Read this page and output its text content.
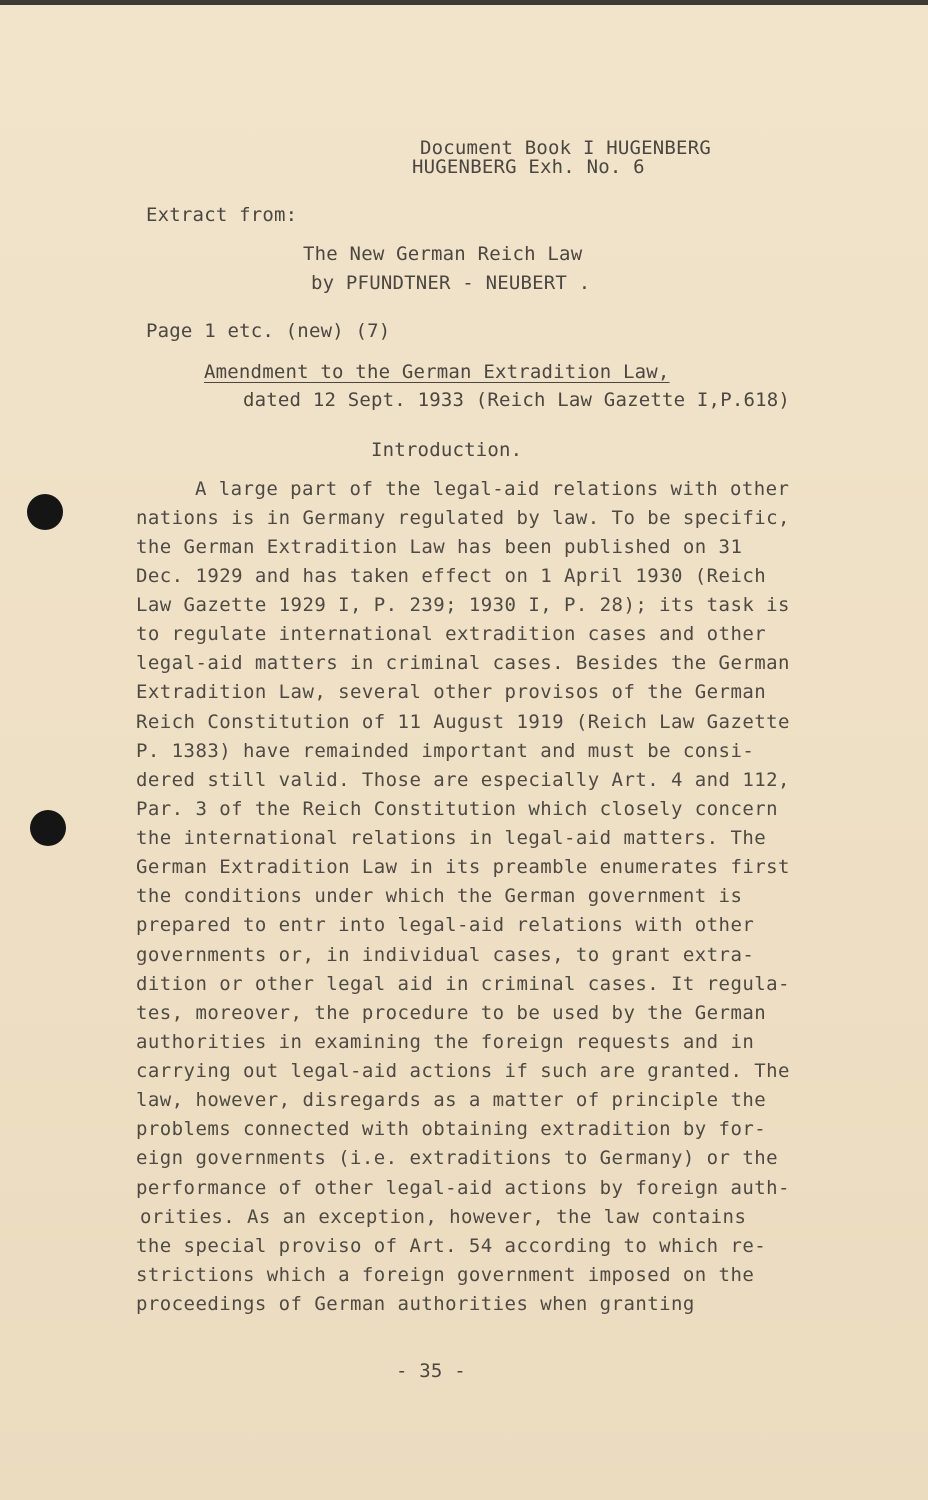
Document Book I HUGENBERG
HUGENBERG Exh. No. 6
Extract from:
The New German Reich Law
by PFUNDTNER - NEUBERT .
Page 1 etc. (new) (7)
Amendment to the German Extradition Law,
dated 12 Sept. 1933 (Reich Law Gazette I,P.618)
Introduction.
A large part of the legal-aid relations with other
nations is in Germany regulated by law. To be specific,
the German Extradition Law has been published on 31
Dec. 1929 and has taken effect on 1 April 1930 (Reich
Law Gazette 1929 I, P. 239; 1930 I, P. 28); its task is
to regulate international extradition cases and other
legal-aid matters in criminal cases. Besides the German
Extradition Law, several other provisos of the German
Reich Constitution of 11 August 1919 (Reich Law Gazette
P. 1383) have remainded important and must be consi-
dered still valid. Those are especially Art. 4 and 112,
Par. 3 of the Reich Constitution which closely concern
the international relations in legal-aid matters. The
German Extradition Law in its preamble enumerates first
the conditions under which the German government is
prepared to entr into legal-aid relations with other
governments or, in individual cases, to grant extra-
dition or other legal aid in criminal cases. It regula-
tes, moreover, the procedure to be used by the German
authorities in examining the foreign requests and in
carrying out legal-aid actions if such are granted. The
law, however, disregards as a matter of principle the
problems connected with obtaining extradition by for-
eign governments (i.e. extraditions to Germany) or the
performance of other legal-aid actions by foreign auth-
orities. As an exception, however, the law contains
the special proviso of Art. 54 according to which re-
strictions which a foreign government imposed on the
proceedings of German authorities when granting
- 35 -
